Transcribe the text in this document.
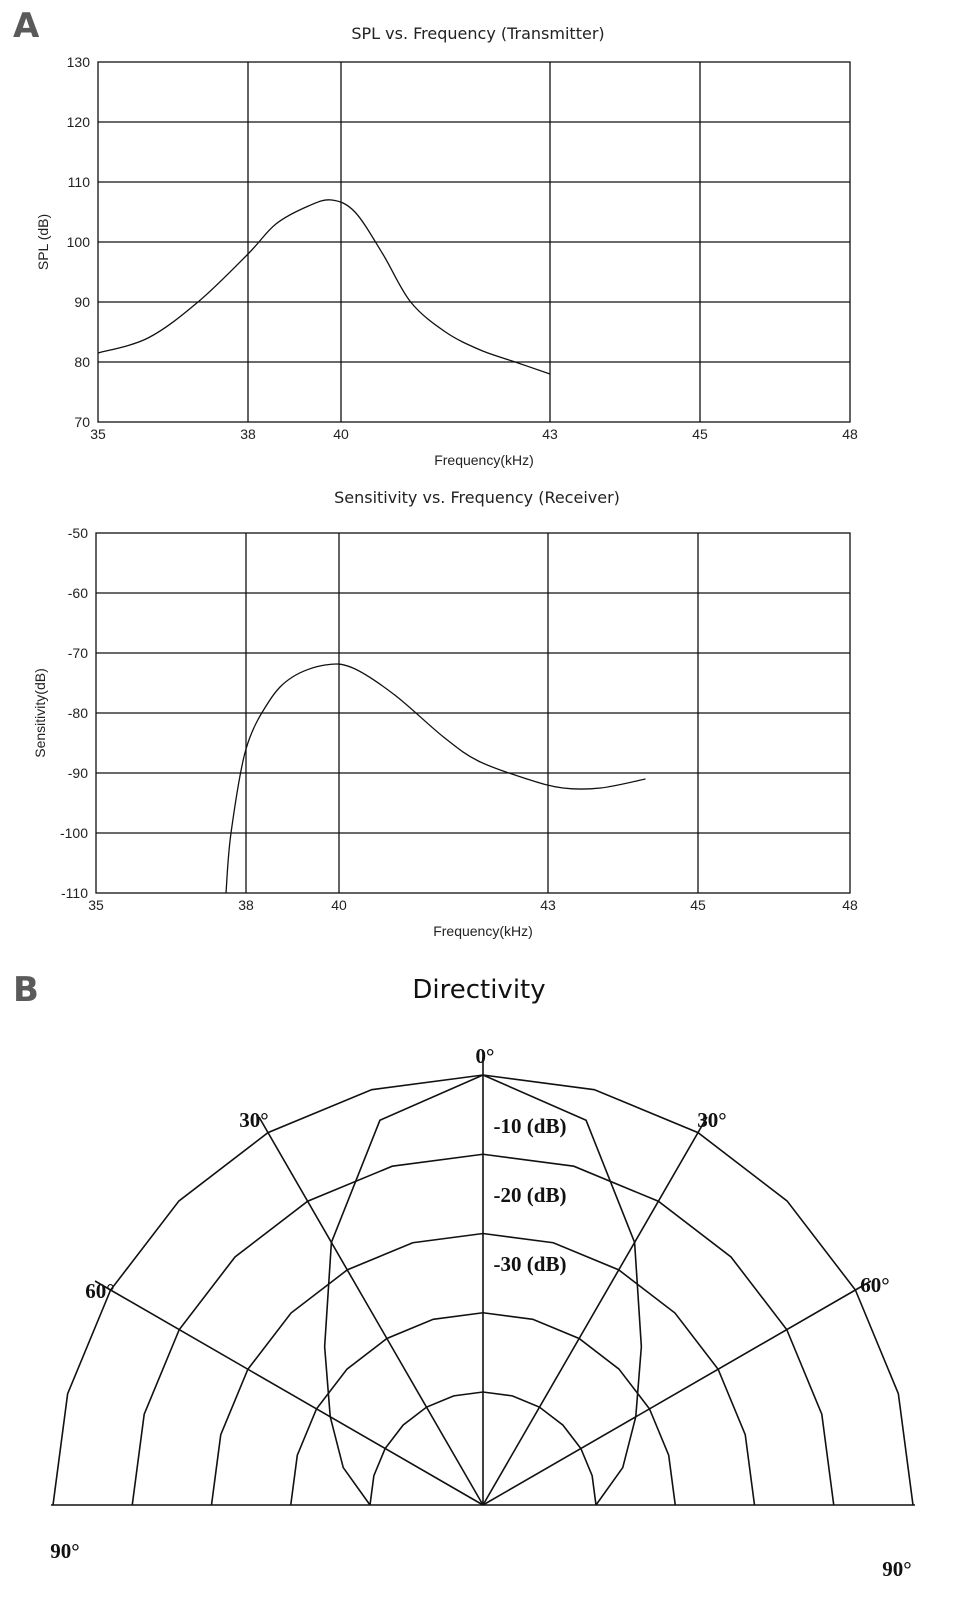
A
B
SPL vs. Frequency (Transmitter)
130
120
110
100
90
80
70
35	38	40	43	45	48
Frequency(kHz)
SPL (dB)
Sensitivity vs. Frequency (Receiver)
-50
-60
-70
-80
-90
-100
-110
35	38	40	43	45	48
Frequency(kHz)
Sensitivity(dB)
Directivity
0°
30°	30°
60°	60°
90°
90°
-10 (dB)
-20 (dB)
-30 (dB)
